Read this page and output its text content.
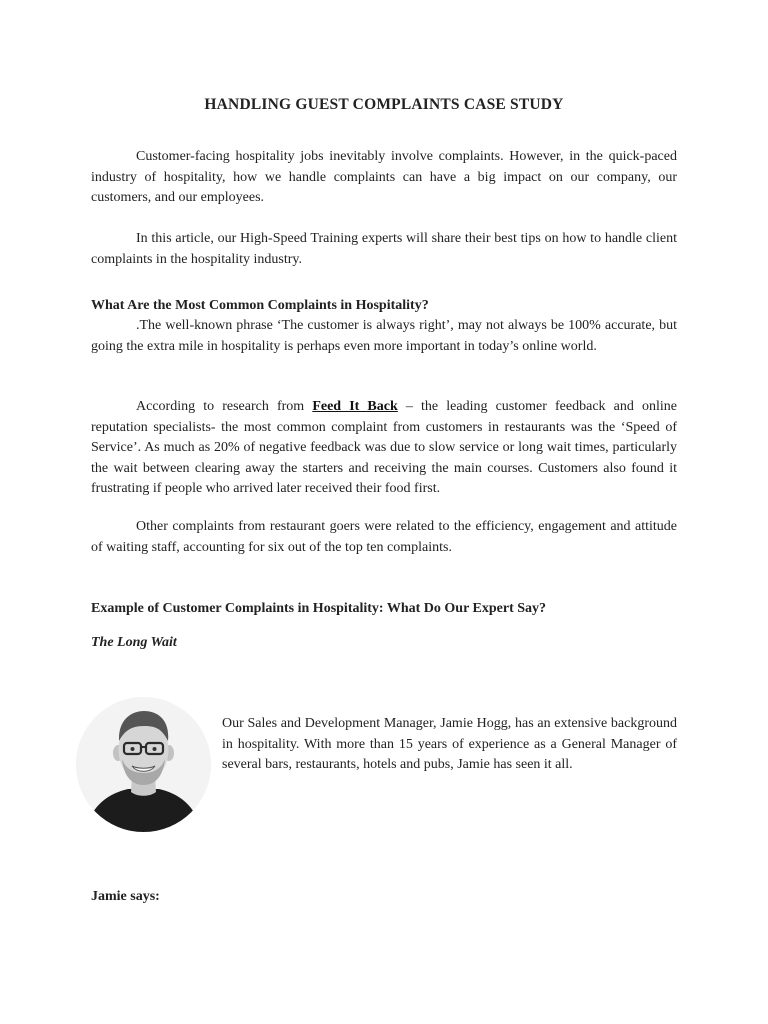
HANDLING GUEST COMPLAINTS CASE STUDY

Customer-facing hospitality jobs inevitably involve complaints. However, in the quick-paced industry of hospitality, how we handle complaints can have a big impact on our company, our customers, and our employees.

In this article, our High-Speed Training experts will share their best tips on how to handle client complaints in the hospitality industry.

What Are the Most Common Complaints in Hospitality?

.The well-known phrase ‘The customer is always right’, may not always be 100% accurate, but going the extra mile in hospitality is perhaps even more important in today’s online world.

According to research from Feed It Back – the leading customer feedback and online reputation specialists- the most common complaint from customers in restaurants was the ‘Speed of Service’. As much as 20% of negative feedback was due to slow service or long wait times, particularly the wait between clearing away the starters and receiving the main courses. Customers also found it frustrating if people who arrived later received their food first.

Other complaints from restaurant goers were related to the efficiency, engagement and attitude of waiting staff, accounting for six out of the top ten complaints.

Example of Customer Complaints in Hospitality: What Do Our Expert Say?

The Long Wait

Our Sales and Development Manager, Jamie Hogg, has an extensive background in hospitality. With more than 15 years of experience as a General Manager of several bars, restaurants, hotels and pubs, Jamie has seen it all.

Jamie says:
